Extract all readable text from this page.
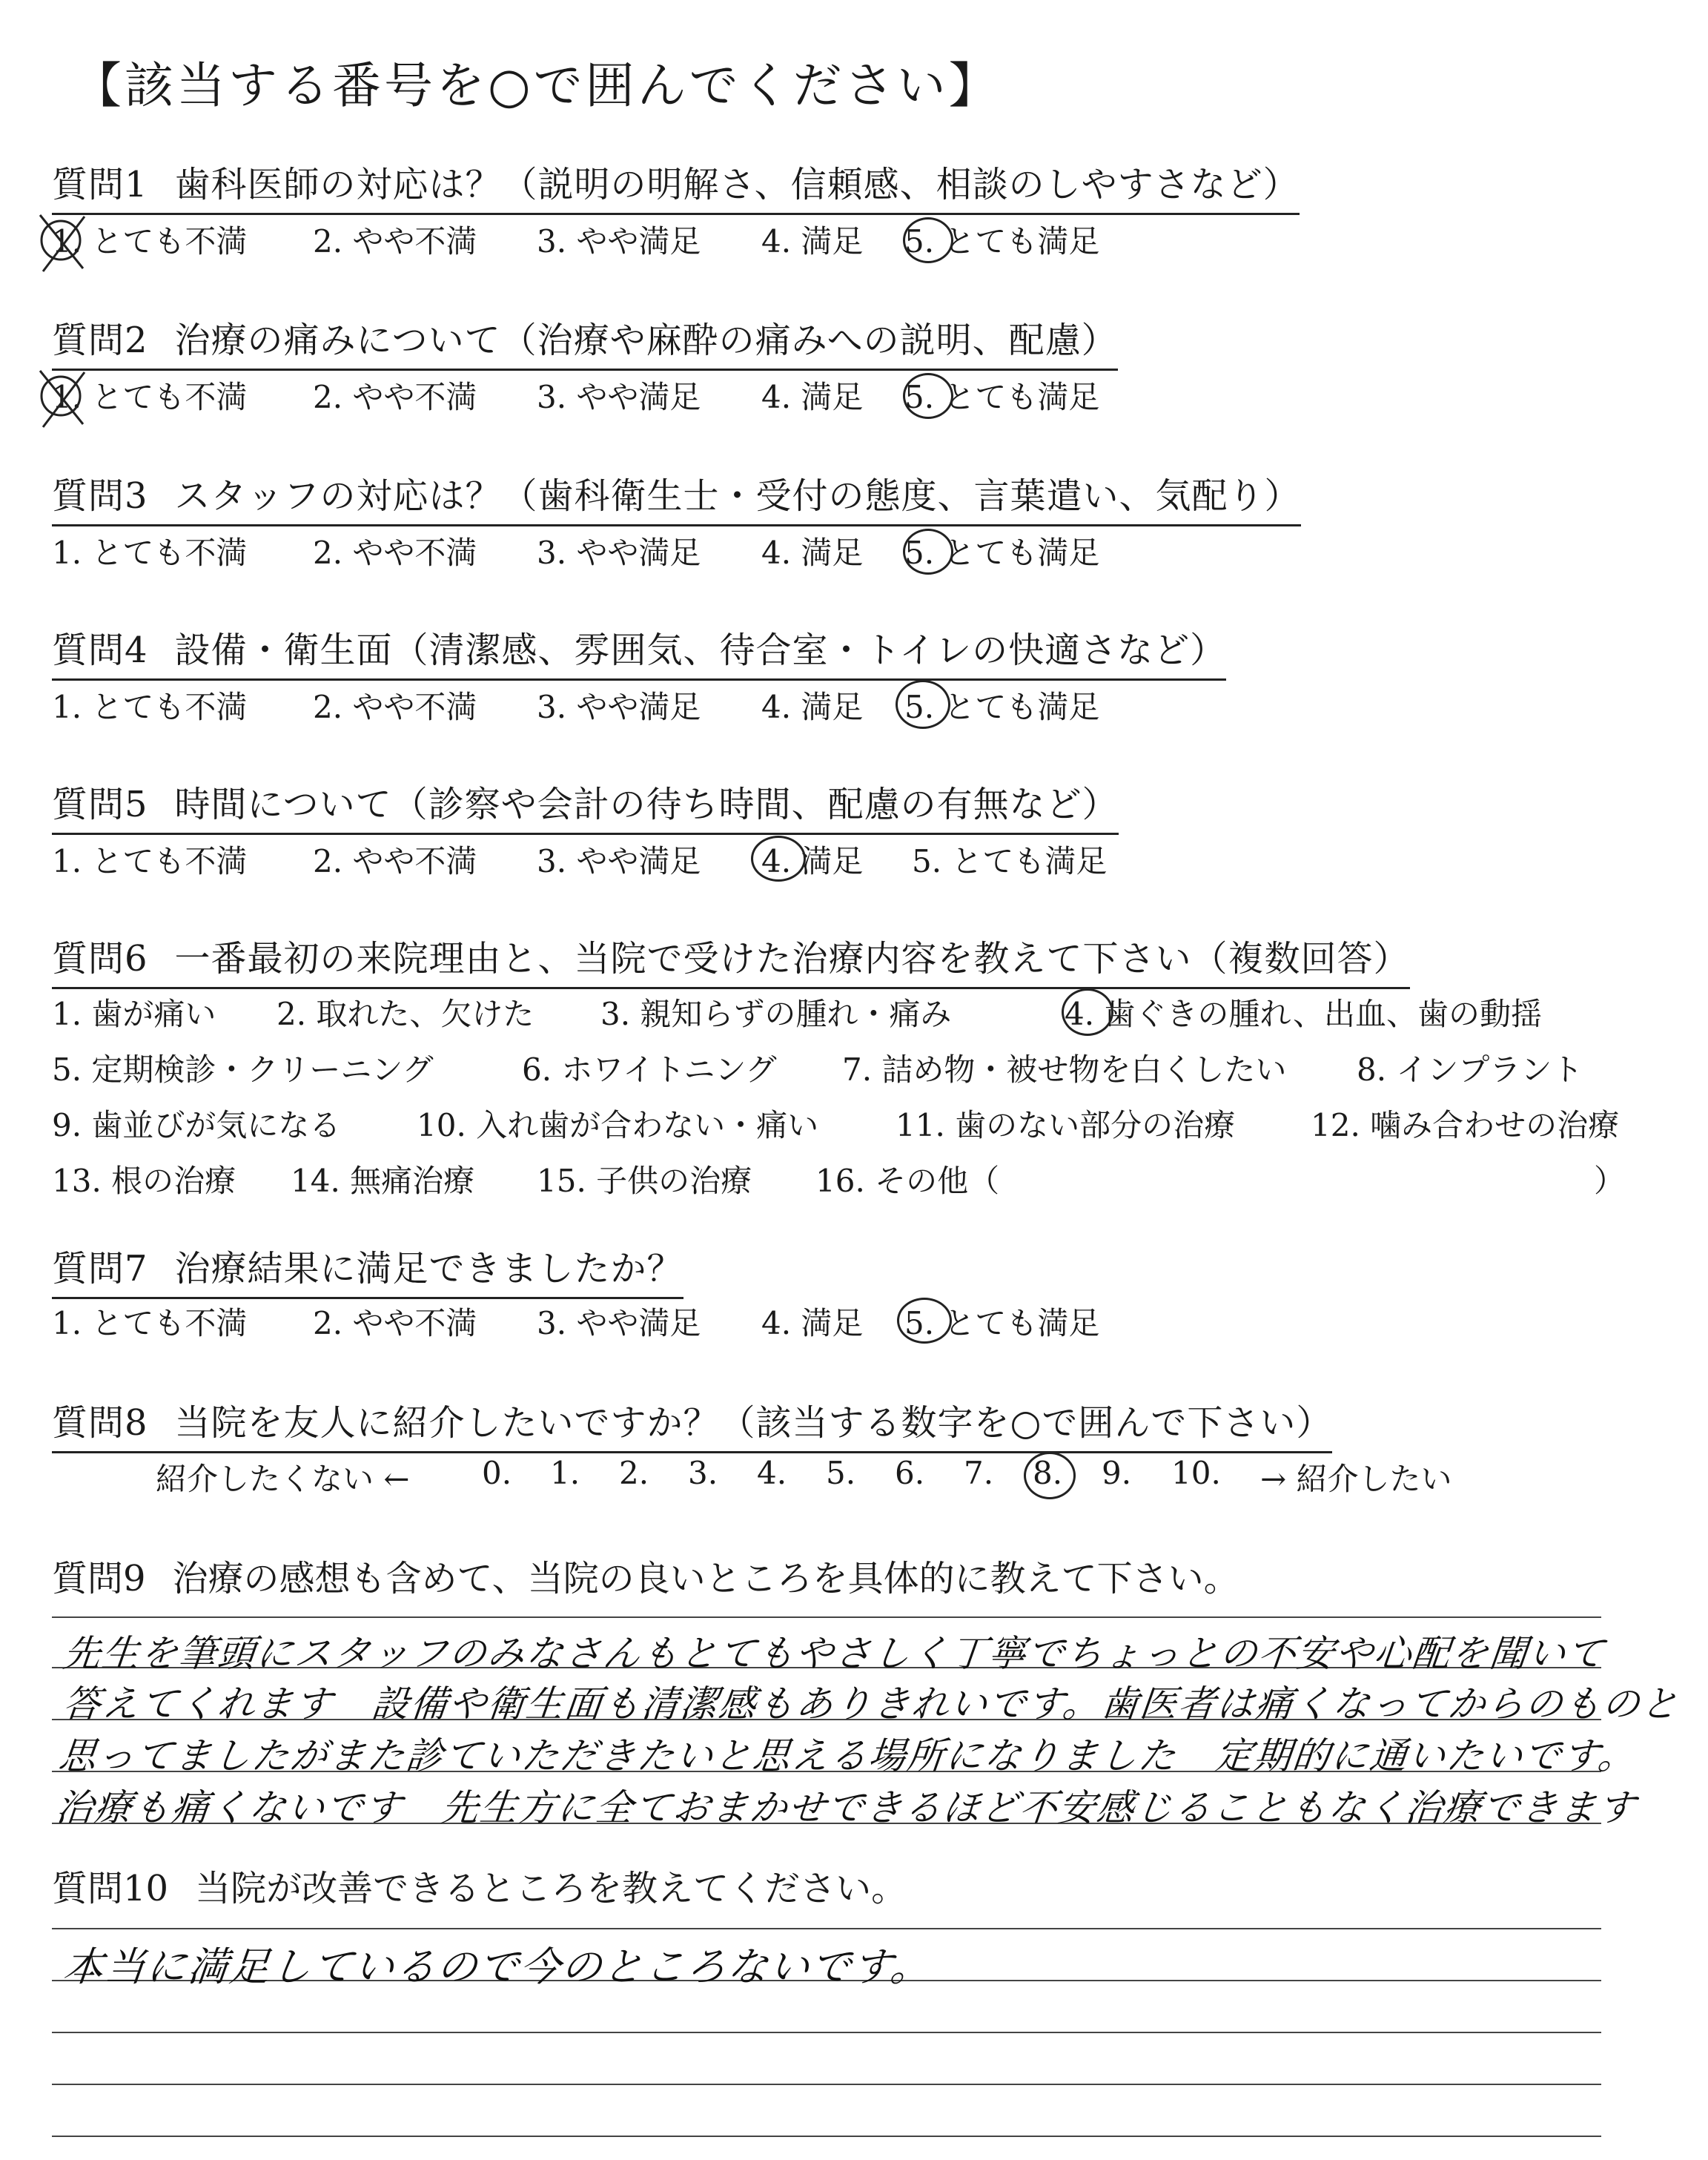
【該当する番号を○で囲んでください】
質問1 歯科医師の対応は？（説明の明解さ、信頼感、相談のしやすさなど）
1. とても不満 2. やや不満 3. やや満足 4. 満足 5. とても満足
質問2 治療の痛みについて（治療や麻酔の痛みへの説明、配慮）
1. とても不満 2. やや不満 3. やや満足 4. 満足 5. とても満足
質問3 スタッフの対応は？（歯科衛生士・受付の態度、言葉遣い、気配り）
1. とても不満 2. やや不満 3. やや満足 4. 満足 5. とても満足
質問4 設備・衛生面（清潔感、雰囲気、待合室・トイレの快適さなど）
1. とても不満 2. やや不満 3. やや満足 4. 満足 5. とても満足
質問5 時間について（診察や会計の待ち時間、配慮の有無など）
1. とても不満 2. やや不満 3. やや満足 4. 満足 5. とても満足
質問6 一番最初の来院理由と、当院で受けた治療内容を教えて下さい（複数回答）
1. 歯が痛い 2. 取れた、欠けた 3. 親知らずの腫れ・痛み	4. 歯ぐきの腫れ、出血、歯の動揺
5. 定期検診・クリーニング	6. ホワイトニング 7. 詰め物・被せ物を白くしたい 8. インプラント
9. 歯並びが気になる 10. 入れ歯が合わない・痛い 11. 歯のない部分の治療 12. 噛み合わせの治療
13. 根の治療 14. 無痛治療 15. 子供の治療 16. その他（	）
質問7 治療結果に満足できましたか？
1. とても不満 2. やや不満 3. やや満足 4. 満足 5. とても満足
質問8 当院を友人に紹介したいですか？（該当する数字を○で囲んで下さい）
紹介したくない ← 0. 1. 2. 3. 4. 5. 6. 7. 8. 9. 10. → 紹介したい
質問9 治療の感想も含めて、当院の良いところを具体的に教えて下さい。
先生を筆頭にスタッフのみなさんもとてもやさしく丁寧でちょっとの不安や心配を聞いて
答えてくれます　設備や衛生面も清潔感もありきれいです。歯医者は痛くなってからのものと
思ってましたがまた診ていただきたいと思える場所になりました　定期的に通いたいです。
治療も痛くないです　先生方に全ておまかせできるほど不安感じることもなく治療できます
質問10 当院が改善できるところを教えてください。
本当に満足しているので今のところないです。
